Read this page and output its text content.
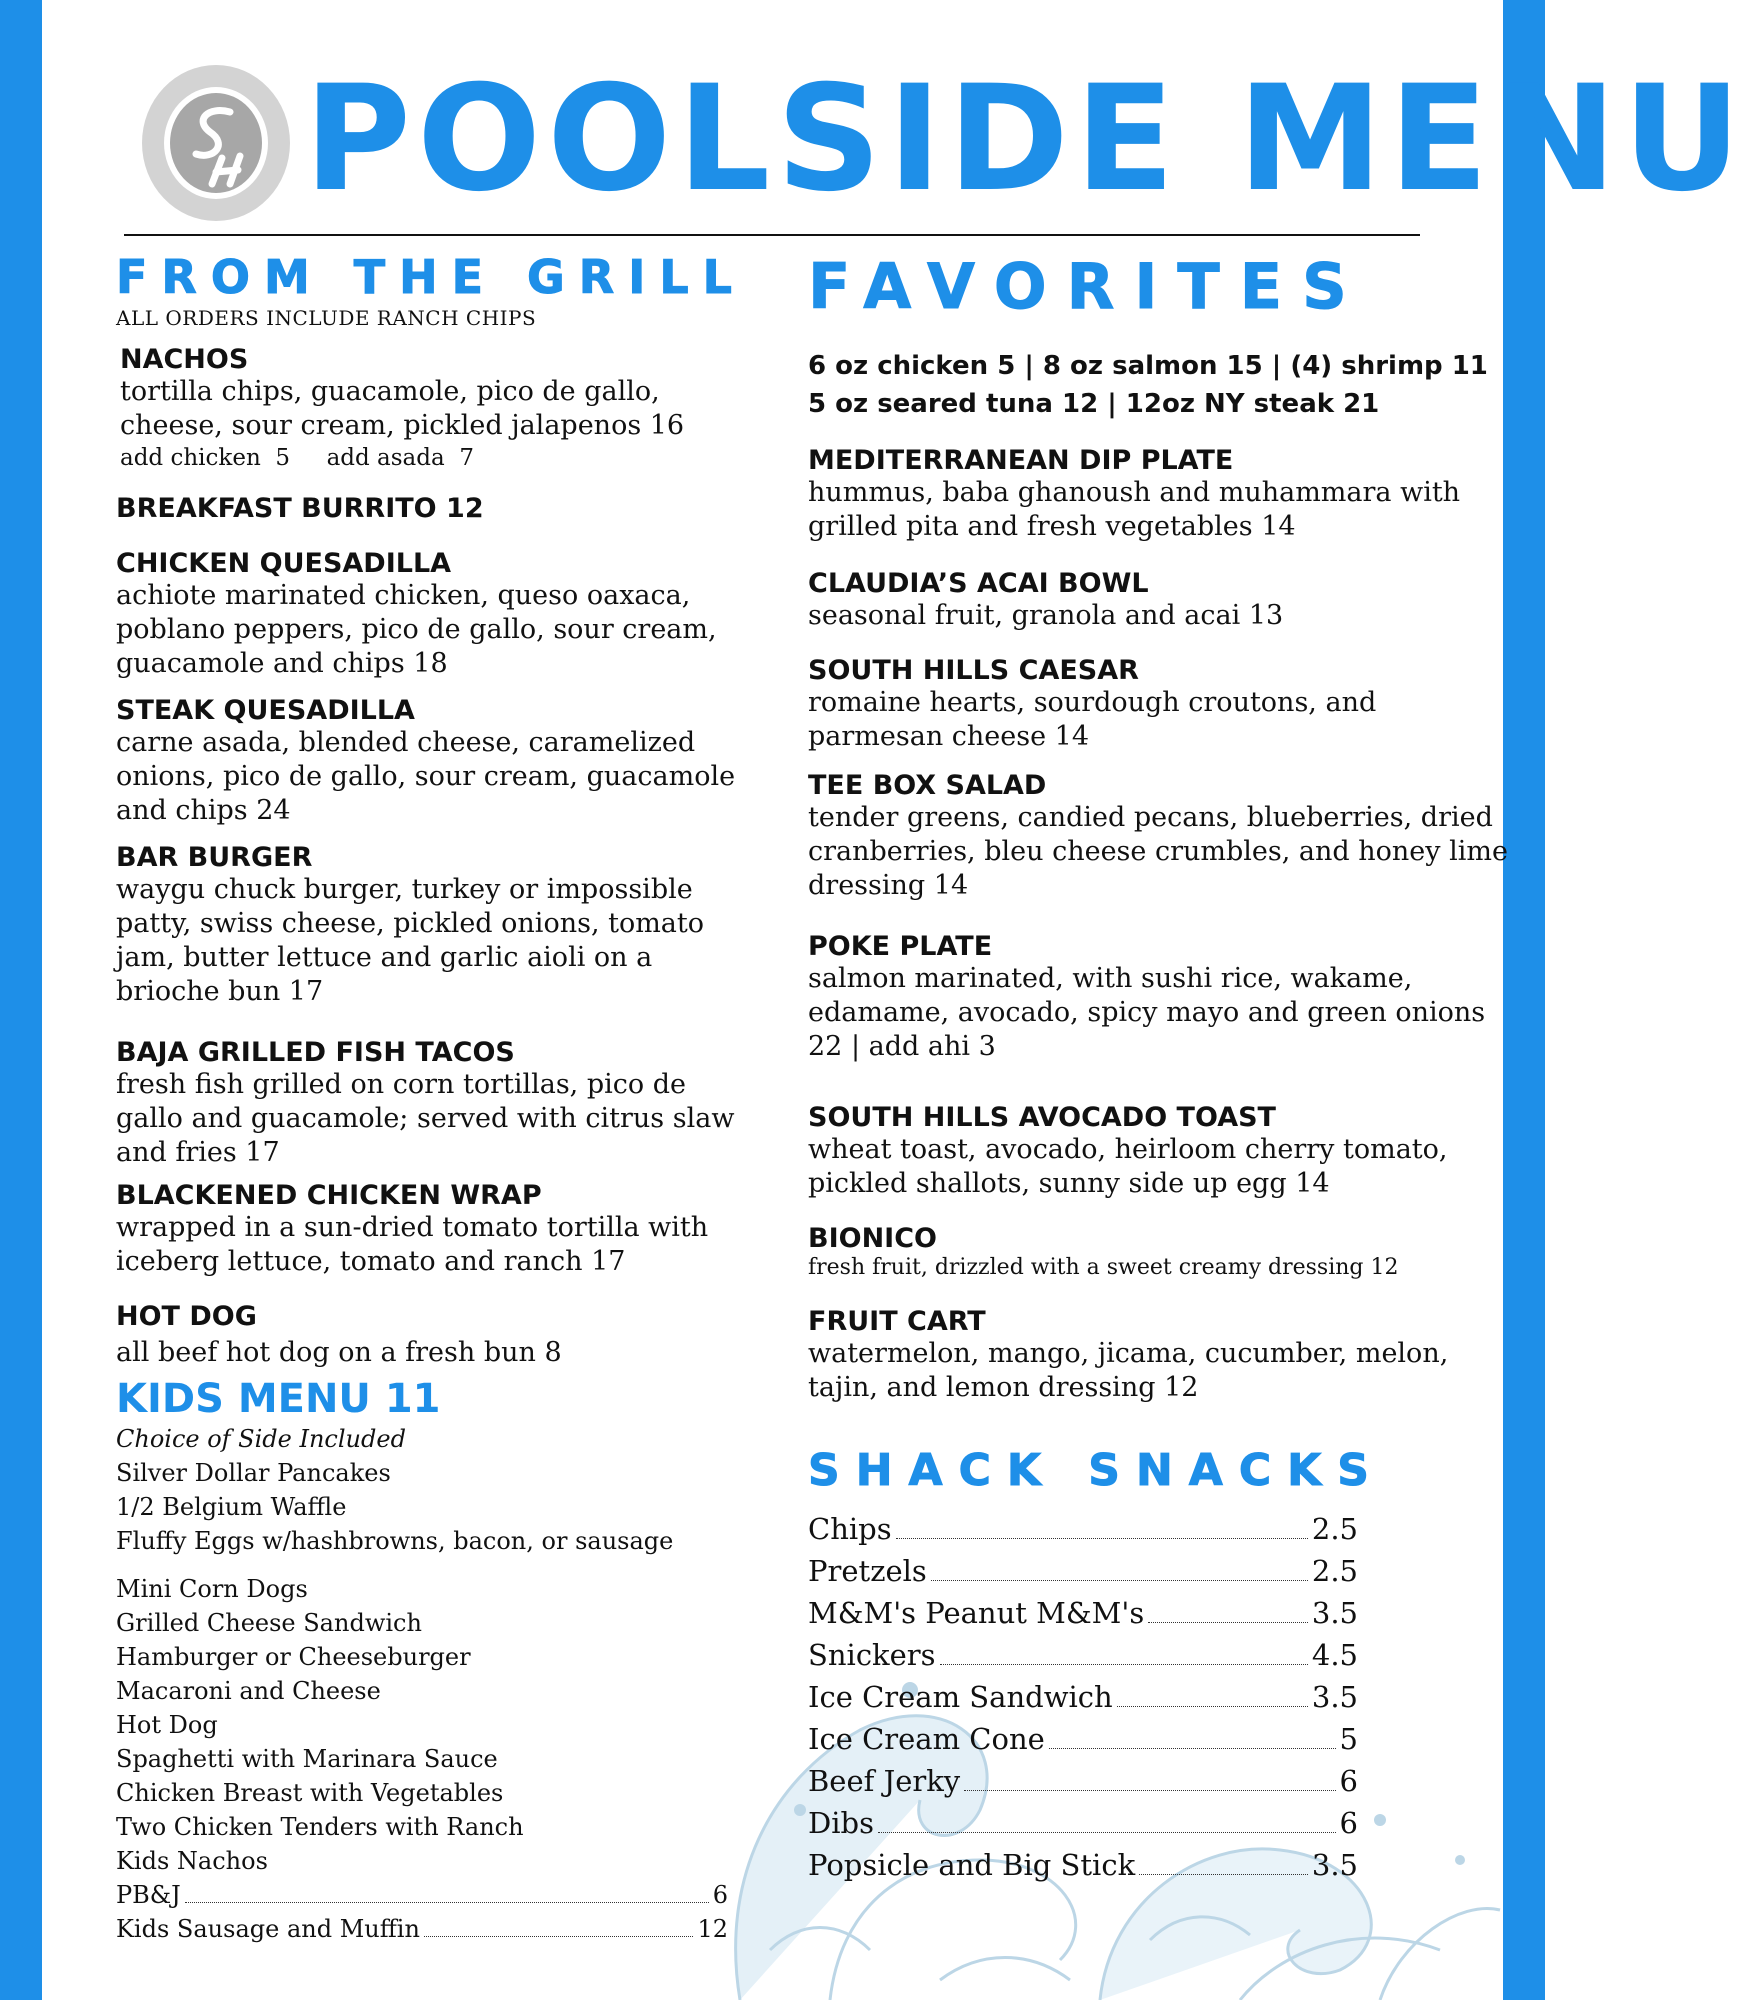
POOLSIDE MENU
FROM THE GRILL
ALL ORDERS INCLUDE RANCH CHIPS

NACHOS

tortilla chips, guacamole, pico de gallo, cheese, sour cream, pickled jalapenos 16

add chicken  5     add asada  7

BREAKFAST BURRITO 12

CHICKEN QUESADILLA

achiote marinated chicken, queso oaxaca, poblano peppers, pico de gallo, sour cream, guacamole and chips 18

STEAK QUESADILLA

carne asada, blended cheese, caramelized onions, pico de gallo, sour cream, guacamole and chips 24

BAR BURGER

waygu chuck burger, turkey or impossible patty, swiss cheese, pickled onions, tomato jam, butter lettuce and garlic aioli on a brioche bun 17

BAJA GRILLED FISH TACOS

fresh fish grilled on corn tortillas, pico de gallo and guacamole; served with citrus slaw and fries 17

BLACKENED CHICKEN WRAP

wrapped in a sun-dried tomato tortilla with iceberg lettuce, tomato and ranch 17

HOT DOG

all beef hot dog on a fresh bun 8

KIDS MENU 11

Choice of Side Included
Silver Dollar Pancakes
1/2 Belgium Waffle
Fluffy Eggs w/hashbrowns, bacon, or sausage
Mini Corn Dogs
Grilled Cheese Sandwich
Hamburger or Cheeseburger
Macaroni and Cheese
Hot Dog
Spaghetti with Marinara Sauce
Chicken Breast with Vegetables
Two Chicken Tenders with Ranch
Kids Nachos
PB&J	6
Kids Sausage and Muffin	12
FAVORITES
6 oz chicken 5 | 8 oz salmon 15 | (4) shrimp 11
5 oz seared tuna 12 | 12oz NY steak 21

MEDITERRANEAN DIP PLATE

hummus, baba ghanoush and muhammara with grilled pita and fresh vegetables 14

CLAUDIA’S ACAI BOWL

seasonal fruit, granola and acai 13

SOUTH HILLS CAESAR

romaine hearts, sourdough croutons, and parmesan cheese 14

TEE BOX SALAD

tender greens, candied pecans, blueberries, dried cranberries, bleu cheese crumbles, and honey lime dressing 14

POKE PLATE

salmon marinated, with sushi rice, wakame, edamame, avocado, spicy mayo and green onions 22 | add ahi 3

SOUTH HILLS AVOCADO TOAST

wheat toast, avocado, heirloom cherry tomato, pickled shallots, sunny side up egg 14

BIONICO

fresh fruit, drizzled with a sweet creamy dressing 12

FRUIT CART

watermelon, mango, jicama, cucumber, melon, tajin, and lemon dressing 12

SHACK SNACKS
Chips	2.5
Pretzels	2.5
M&M's Peanut M&M's	3.5
Snickers	4.5
Ice Cream Sandwich	3.5
Ice Cream Cone	5
Beef Jerky	6
Dibs	6
Popsicle and Big Stick	3.5
